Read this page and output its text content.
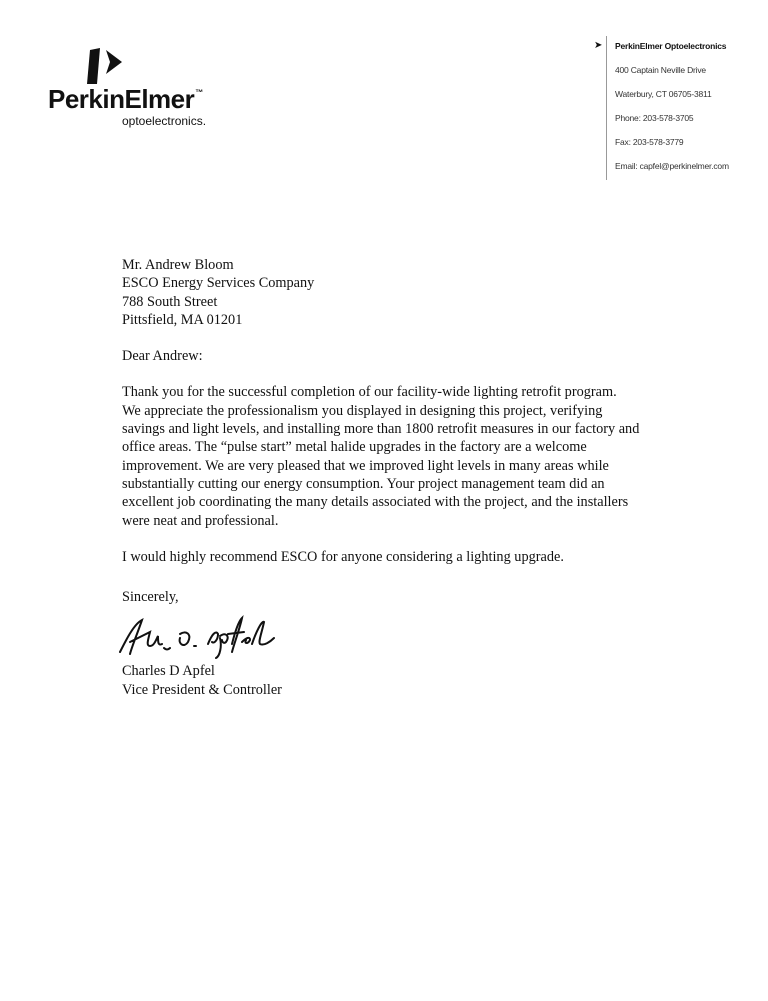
PerkinElmer™
optoelectronics.
➤ PerkinElmer Optoelectronics
400 Captain Neville Drive
Waterbury, CT 06705-3811
Phone: 203-578-3705
Fax: 203-578-3779
Email: capfel@perkinelmer.com
Mr. Andrew Bloom
ESCO Energy Services Company
788 South Street
Pittsfield, MA 01201
Dear Andrew:
Thank you for the successful completion of our facility-wide lighting retrofit program.
We appreciate the professionalism you displayed in designing this project, verifying
savings and light levels, and installing more than 1800 retrofit measures in our factory and
office areas. The “pulse start” metal halide upgrades in the factory are a welcome
improvement. We are very pleased that we improved light levels in many areas while
substantially cutting our energy consumption. Your project management team did an
excellent job coordinating the many details associated with the project, and the installers
were neat and professional.
I would highly recommend ESCO for anyone considering a lighting upgrade.
Sincerely,
Charles D Apfel
Vice President & Controller
